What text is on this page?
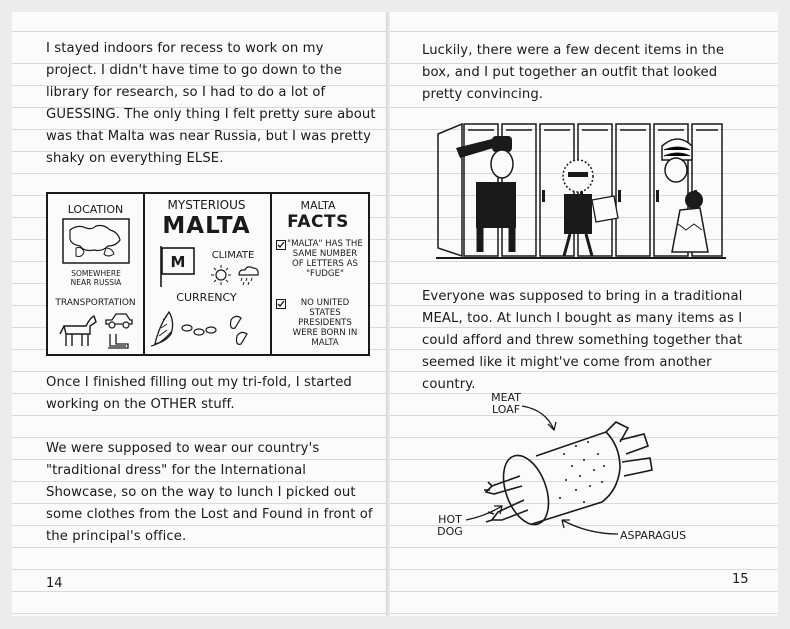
I stayed indoors for recess to work on my project. I didn't have time to go down to the library for research, so I had to do a lot of GUESSING. The only thing I felt pretty sure about was that Malta was near Russia, but I was pretty shaky on everything ELSE.

LOCATION
SOMEWHERE NEAR RUSSIA
TRANSPORTATION
MYSTERIOUS
MALTA
M	CLIMATE
CURRENCY
MALTA
FACTS
"MALTA" HAS THE SAME NUMBER OF LETTERS AS "FUDGE"
NO UNITED STATES PRESIDENTS WERE BORN IN MALTA

Once I finished filling out my tri-fold, I started working on the OTHER stuff.

We were supposed to wear our country's "traditional dress" for the International Showcase, so on the way to lunch I picked out some clothes from the Lost and Found in front of the principal's office.

14

Luckily, there were a few decent items in the box, and I put together an outfit that looked pretty convincing.

Everyone was supposed to bring in a traditional MEAL, too. At lunch I bought as many items as I could afford and threw something together that seemed like it might've come from another country.

MEAT LOAF
HOT DOG	ASPARAGUS
15
